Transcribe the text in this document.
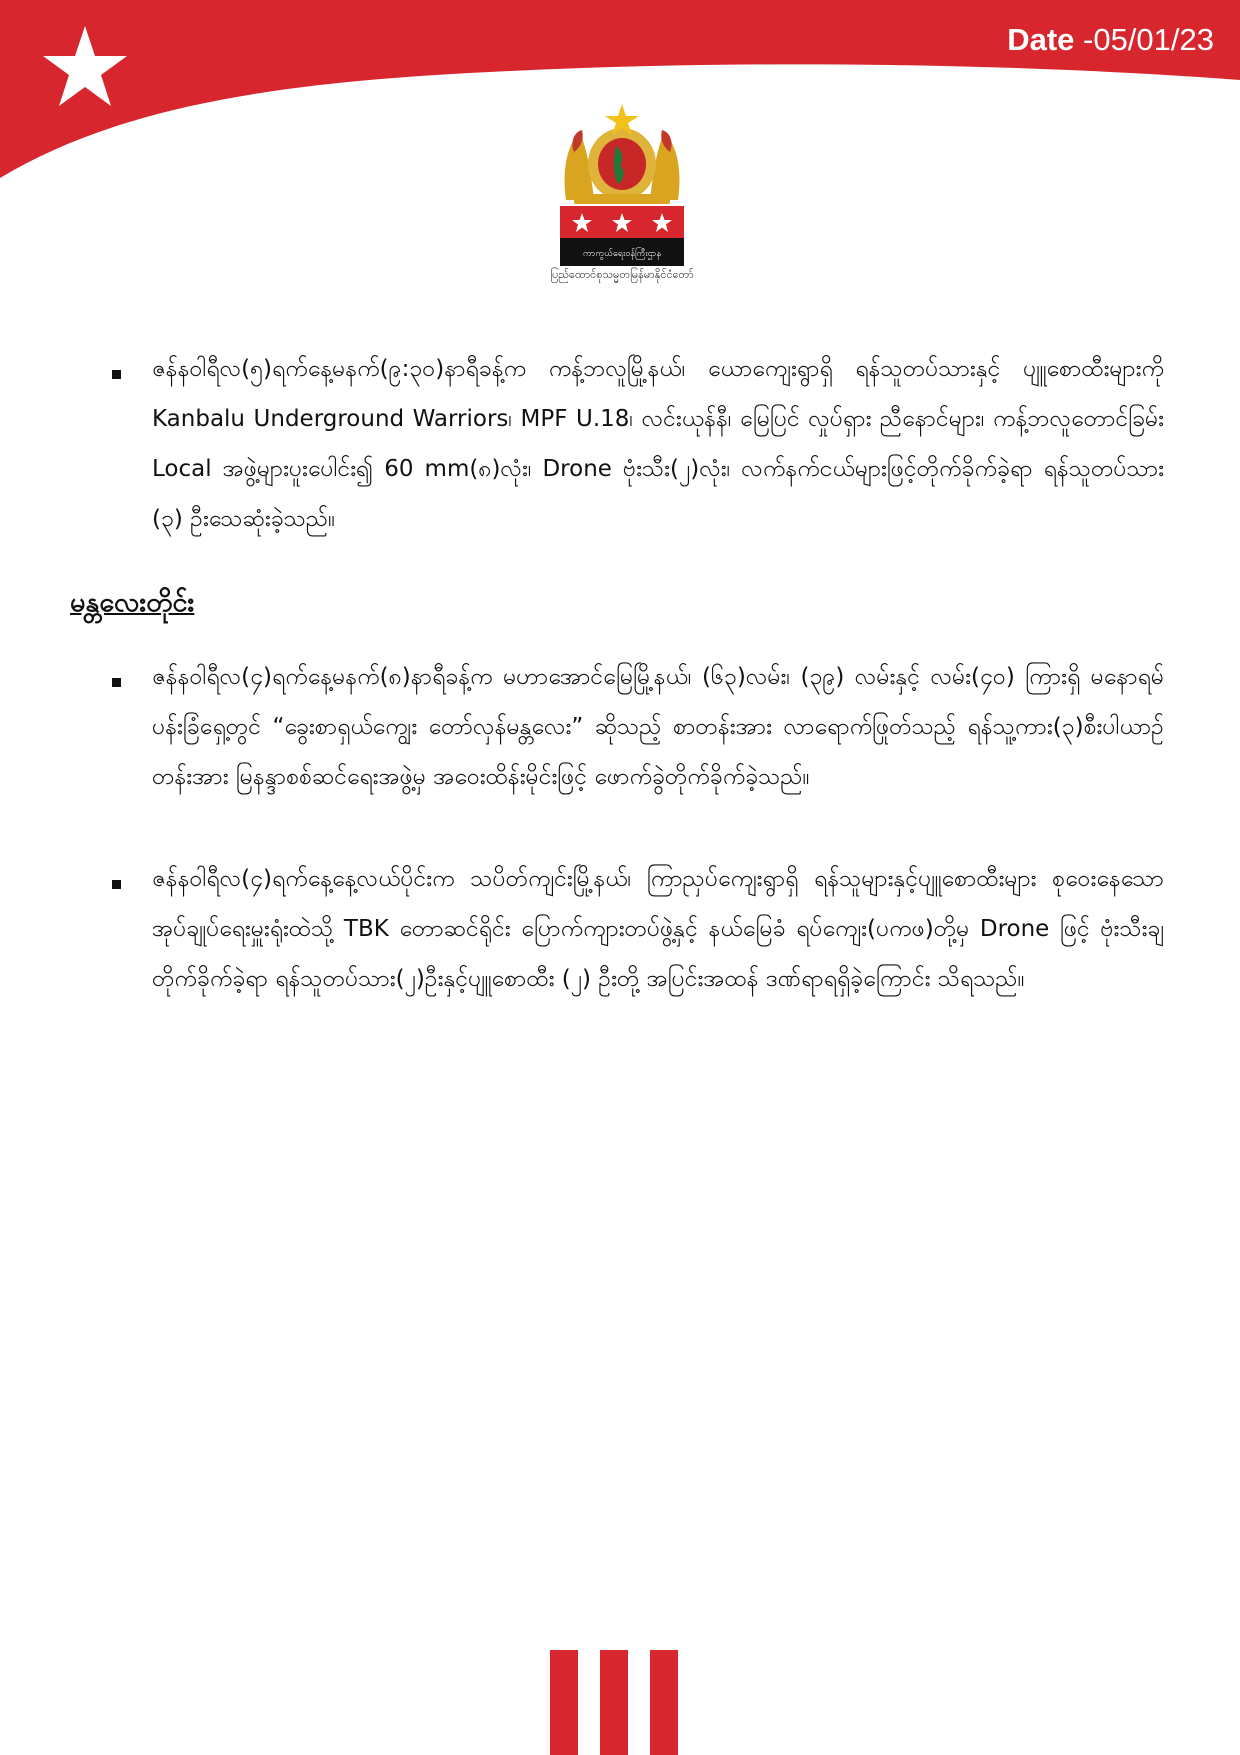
Date -05/01/23
ကာကွယ်ရေးဝန်ကြီးဌာန
ပြည်ထောင်စုသမ္မတမြန်မာနိုင်ငံတော်
ဇန်နဝါရီလ(၅)ရက်နေ့မနက်(၉:၃၀)နာရီခန့်က ကန့်ဘလူမြို့နယ်၊ ယောကျေးရွာရှိ ရန်သူတပ်သားနှင့် ပျူစောထီးများကို Kanbalu Underground Warriors၊ MPF U.18၊ လင်းယုန်နီ၊ မြေပြင် လှုပ်ရှား ညီနောင်များ၊ ကန့်ဘလူတောင်ခြမ်း Local အဖွဲ့များပူးပေါင်း၍ 60 mm(၈)လုံး၊ Drone ဗုံးသီး(၂)လုံး၊ လက်နက်ငယ်များဖြင့်တိုက်ခိုက်ခဲ့ရာ ရန်သူတပ်သား (၃) ဦးသေဆုံးခဲ့သည်။
မန္တလေးတိုင်း
ဇန်နဝါရီလ(၄)ရက်နေ့မနက်(၈)နာရီခန့်က မဟာအောင်မြေမြို့နယ်၊ (၆၃)လမ်း၊ (၃၉) လမ်းနှင့် လမ်း(၄၀) ကြားရှိ မနောရမ်ပန်းခြံရှေ့တွင် “ခွေးစာရှယ်ကျွေး တော်လှန်မန္တလေး” ဆိုသည့် စာတန်းအား လာရောက်ဖြုတ်သည့် ရန်သူ့ကား(၃)စီးပါယာဉ်တန်းအား မြနန္ဒာစစ်ဆင်ရေးအဖွဲ့မှ အဝေးထိန်းမိုင်းဖြင့် ဖောက်ခွဲတိုက်ခိုက်ခဲ့သည်။
ဇန်နဝါရီလ(၄)ရက်နေ့နေ့လယ်ပိုင်းက သပိတ်ကျင်းမြို့နယ်၊ ကြာညှပ်ကျေးရွာရှိ ရန်သူများနှင့်ပျူစောထီးများ စုဝေးနေသော အုပ်ချုပ်ရေးမှူးရုံးထဲသို့ TBK တောဆင်ရိုင်း ပြောက်ကျားတပ်ဖွဲ့နှင့် နယ်မြေခံ ရပ်ကျေး(ပကဖ)တို့မှ Drone ဖြင့် ဗုံးသီးချတိုက်ခိုက်ခဲ့ရာ ရန်သူတပ်သား(၂)ဦးနှင့်ပျူစောထီး (၂) ဦးတို့ အပြင်းအထန် ဒဏ်ရာရရှိခဲ့ကြောင်း သိရသည်။
